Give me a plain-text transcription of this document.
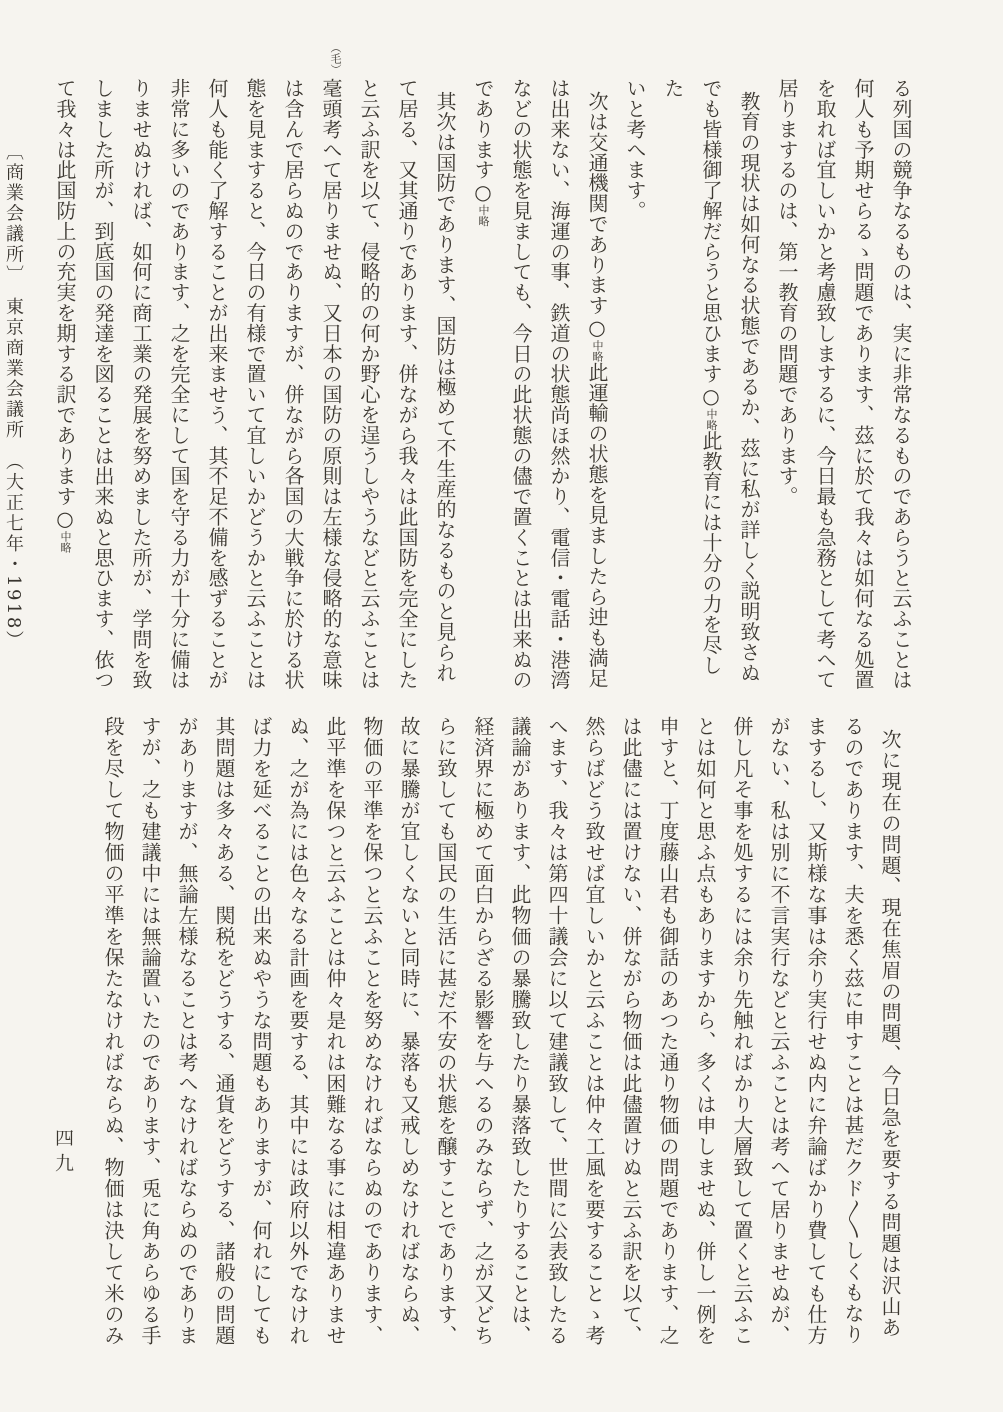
る列国の競争なるものは、実に非常なるものであらうと云ふことは
何人も予期せらるゝ問題であります、茲に於て我々は如何なる処置
を取れば宜しいかと考慮致しまするに、今日最も急務として考へて
居りまするのは、第一教育の問題であります。
教育の現状は如何なる状態であるか、茲に私が詳しく説明致さぬ
でも皆様御了解だらうと思ひます○中略此教育には十分の力を尽した
いと考へます。
次は交通機関であります○中略此運輸の状態を見ましたら迚も満足
は出来ない、海運の事、鉄道の状態尚ほ然かり、電信・電話・港湾
などの状態を見ましても、今日の此状態の儘で置くことは出来ぬの
であります○中略
其次は国防であります、国防は極めて不生産的なるものと見られ
て居る、又其通りであります、併ながら我々は此国防を完全にした
と云ふ訳を以て、侵略的の何か野心を逞うしやうなどと云ふことは
（毛）
毫頭考へて居りませぬ、又日本の国防の原則は左様な侵略的な意味
は含んで居らぬのでありますが、併ながら各国の大戦争に於ける状
態を見ますると、今日の有様で置いて宜しいかどうかと云ふことは
何人も能く了解することが出来ませう、其不足不備を感ずることが
非常に多いのであります、之を完全にして国を守る力が十分に備は
りませぬければ、如何に商工業の発展を努めました所が、学問を致
しました所が、到底国の発達を図ることは出来ぬと思ひます、依つ
て我々は此国防上の充実を期する訳であります○中略
〔商業会議所〕　東京商業会議所　（大正七年・1918）
次に現在の問題、現在焦眉の問題、今日急を要する問題は沢山あ
るのであります、夫を悉く茲に申すことは甚だクド〱しくもなり
まするし、又斯様な事は余り実行せぬ内に弁論ばかり費しても仕方
がない、私は別に不言実行などと云ふことは考へて居りませぬが、
併し凡そ事を処するには余り先触ればかり大層致して置くと云ふこ
とは如何と思ふ点もありますから、多くは申しませぬ、併し一例を
申すと、丁度藤山君も御話のあつた通り物価の問題であります、之
は此儘には置けない、併ながら物価は此儘置けぬと云ふ訳を以て、
然らばどう致せば宜しいかと云ふことは仲々工風を要することゝ考
へます、我々は第四十議会に以て建議致して、世間に公表致したる
議論があります、此物価の暴騰致したり暴落致したりすることは、
経済界に極めて面白からざる影響を与へるのみならず、之が又どち
らに致しても国民の生活に甚だ不安の状態を醸すことであります、
故に暴騰が宜しくないと同時に、暴落も又戒しめなければならぬ、
物価の平準を保つと云ふことを努めなければならぬのであります、
此平準を保つと云ふことは仲々是れは困難なる事には相違ありませ
ぬ、之が為には色々なる計画を要する、其中には政府以外でなけれ
ば力を延べることの出来ぬやうな問題もありますが、何れにしても
其問題は多々ある、関税をどうする、通貨をどうする、諸般の問題
がありますが、無論左様なることは考へなければならぬのでありま
すが、之も建議中には無論置いたのであります、兎に角あらゆる手
段を尽して物価の平準を保たなければならぬ、物価は決して米のみ
四九
